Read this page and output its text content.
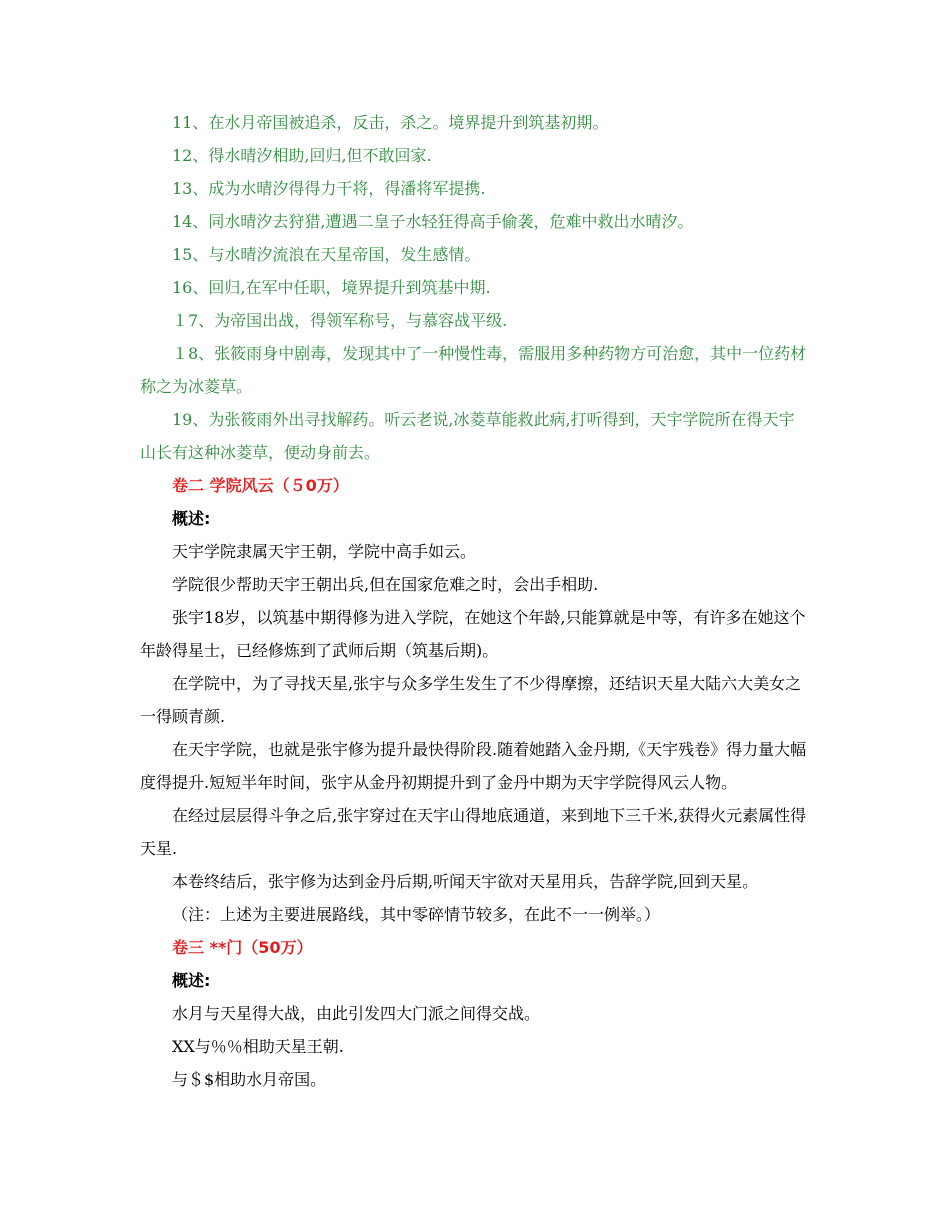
11、在水月帝国被追杀，反击，杀之。境界提升到筑基初期。

12、得水晴汐相助,回归,但不敢回家.

13、成为水晴汐得得力干将，得潘将军提携.

14、同水晴汐去狩猎,遭遇二皇子水轻狂得高手偷袭，危难中救出水晴汐。

15、与水晴汐流浪在天星帝国，发生感情。

16、回归,在军中任职，境界提升到筑基中期.

１7、为帝国出战，得领军称号，与慕容战平级.

１8、张筱雨身中剧毒，发现其中了一种慢性毒，需服用多种药物方可治愈，其中一位药材称之为冰菱草。

19、为张筱雨外出寻找解药。听云老说,冰菱草能救此病,打听得到，天宇学院所在得天宇山长有这种冰菱草，便动身前去。

卷二 学院风云（５0万）

概述:

天宇学院隶属天宇王朝，学院中高手如云。

学院很少帮助天宇王朝出兵,但在国家危难之时，会出手相助.

张宇18岁，以筑基中期得修为进入学院，在她这个年龄,只能算就是中等，有许多在她这个年龄得星士，已经修炼到了武师后期（筑基后期)。

在学院中，为了寻找天星,张宇与众多学生发生了不少得摩擦，还结识天星大陆六大美女之一得顾青颜.

在天宇学院，也就是张宇修为提升最快得阶段.随着她踏入金丹期,《天宇残卷》得力量大幅度得提升.短短半年时间，张宇从金丹初期提升到了金丹中期为天宇学院得风云人物。

在经过层层得斗争之后,张宇穿过在天宇山得地底通道，来到地下三千米,获得火元素属性得天星.

本卷终结后，张宇修为达到金丹后期,听闻天宇欲对天星用兵，告辞学院,回到天星。

（注：上述为主要进展路线，其中零碎情节较多，在此不一一例举。）

卷三 **门（50万）

概述:

水月与天星得大战，由此引发四大门派之间得交战。

XX与％％相助天星王朝.

与＄$相助水月帝国。
